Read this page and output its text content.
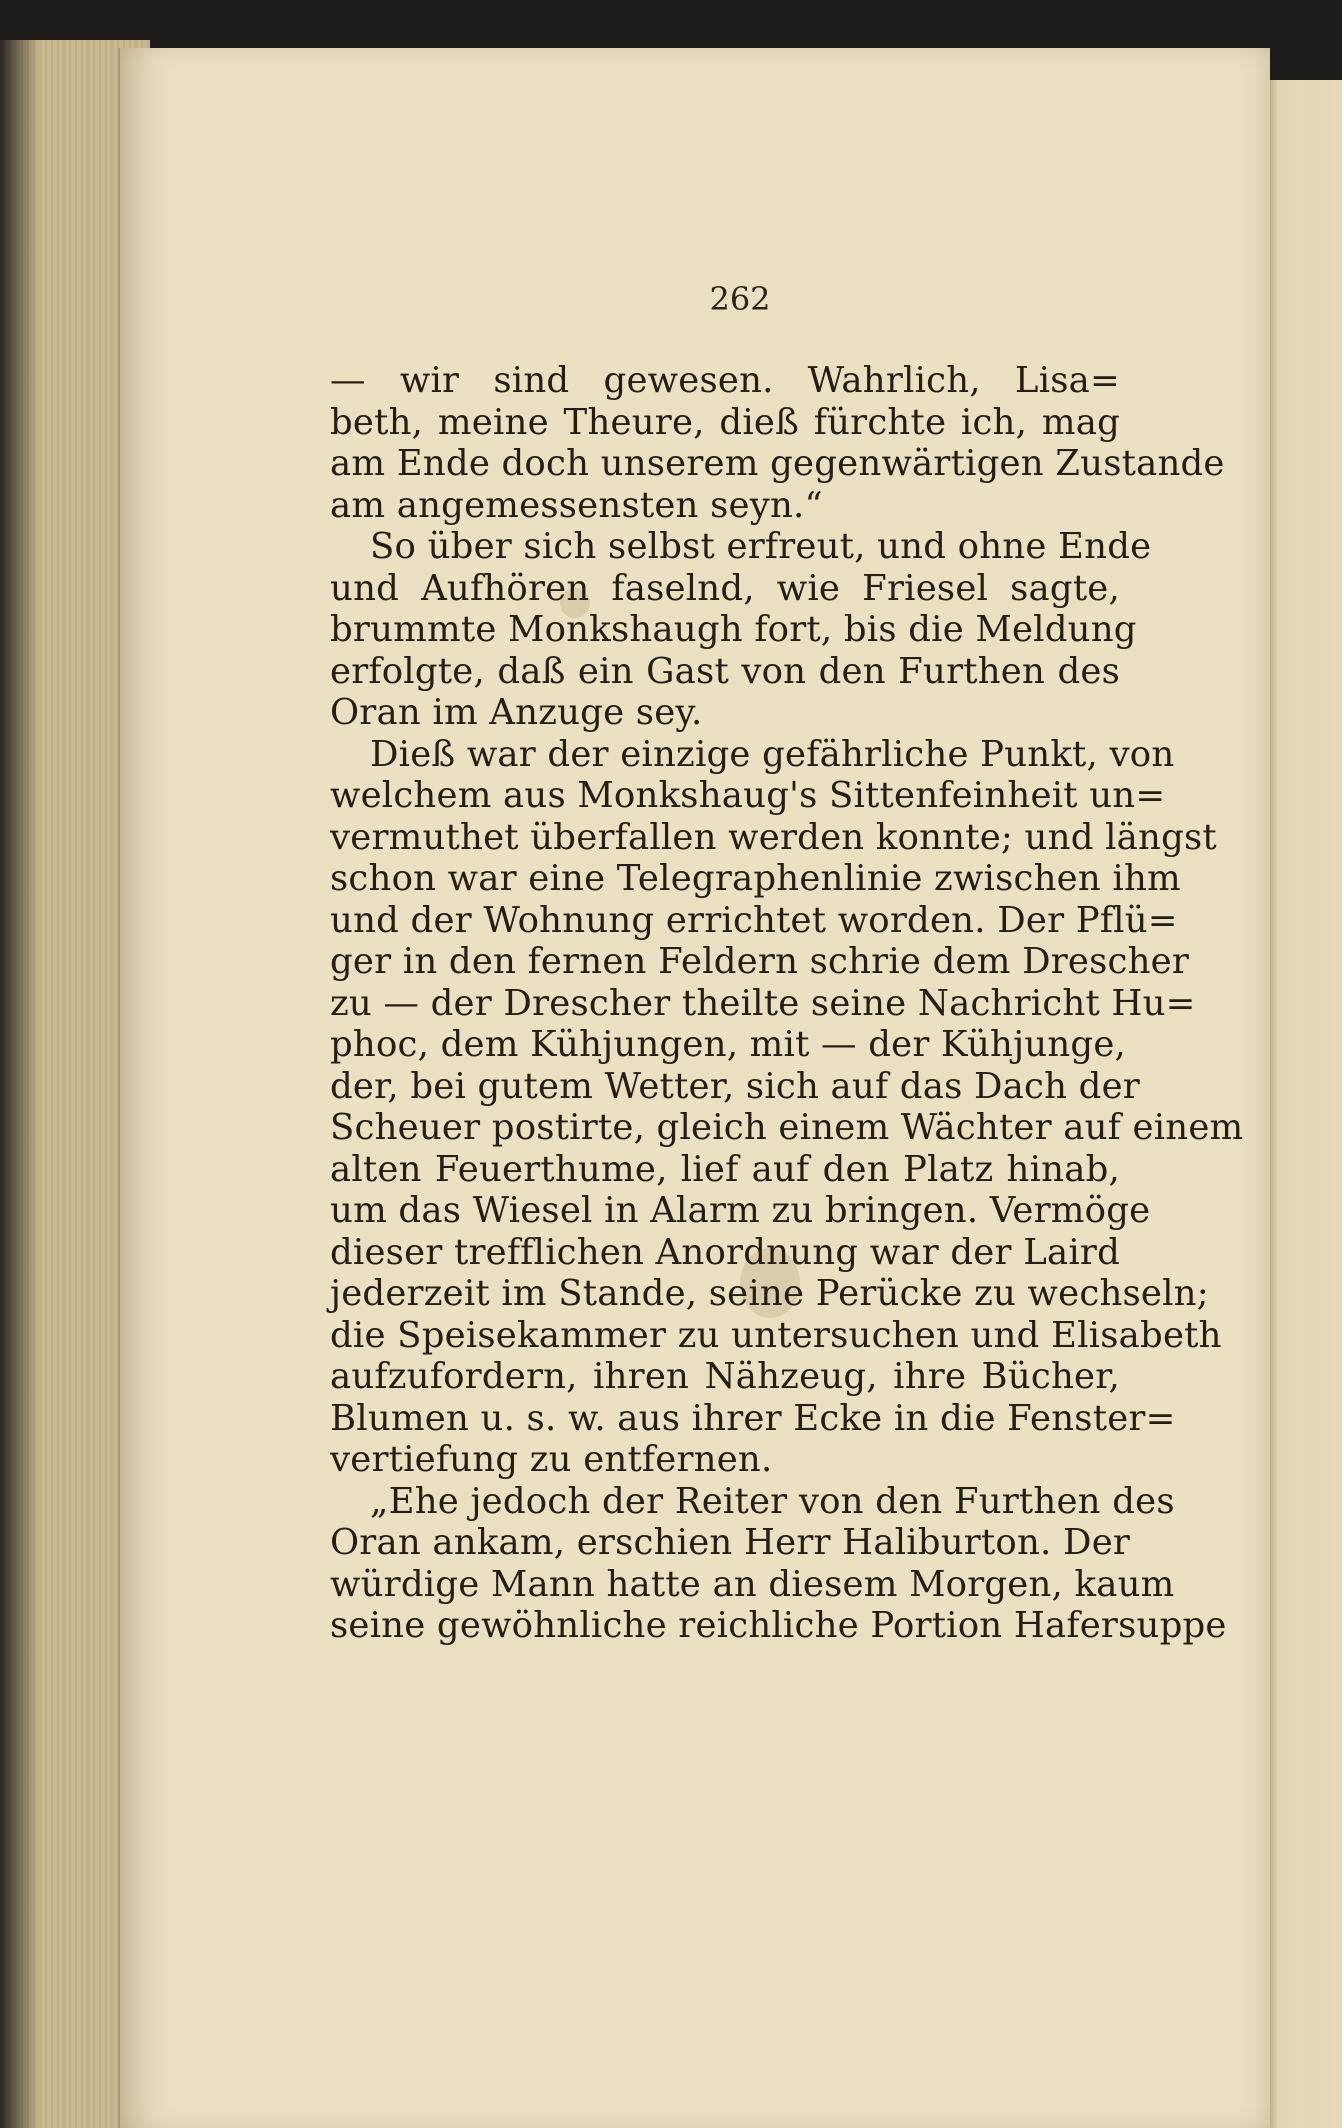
262
— wir sind gewesen. Wahrlich, Lisa=
beth, meine Theure, dieß fürchte ich, mag
am Ende doch unserem gegenwärtigen Zustande
am angemessensten seyn.“
So über sich selbst erfreut, und ohne Ende
und Aufhören faselnd, wie Friesel sagte,
brummte Monkshaugh fort, bis die Meldung
erfolgte, daß ein Gast von den Furthen des
Oran im Anzuge sey.
Dieß war der einzige gefährliche Punkt, von
welchem aus Monkshaug's Sittenfeinheit un=
vermuthet überfallen werden konnte; und längst
schon war eine Telegraphenlinie zwischen ihm
und der Wohnung errichtet worden. Der Pflü=
ger in den fernen Feldern schrie dem Drescher
zu — der Drescher theilte seine Nachricht Hu=
phoc, dem Kühjungen, mit — der Kühjunge,
der, bei gutem Wetter, sich auf das Dach der
Scheuer postirte, gleich einem Wächter auf einem
alten Feuerthume, lief auf den Platz hinab,
um das Wiesel in Alarm zu bringen. Vermöge
dieser trefflichen Anordnung war der Laird
jederzeit im Stande, seine Perücke zu wechseln;
die Speisekammer zu untersuchen und Elisabeth
aufzufordern, ihren Nähzeug, ihre Bücher,
Blumen u. s. w. aus ihrer Ecke in die Fenster=
vertiefung zu entfernen.
„Ehe jedoch der Reiter von den Furthen des
Oran ankam, erschien Herr Haliburton. Der
würdige Mann hatte an diesem Morgen, kaum
seine gewöhnliche reichliche Portion Hafersuppe
